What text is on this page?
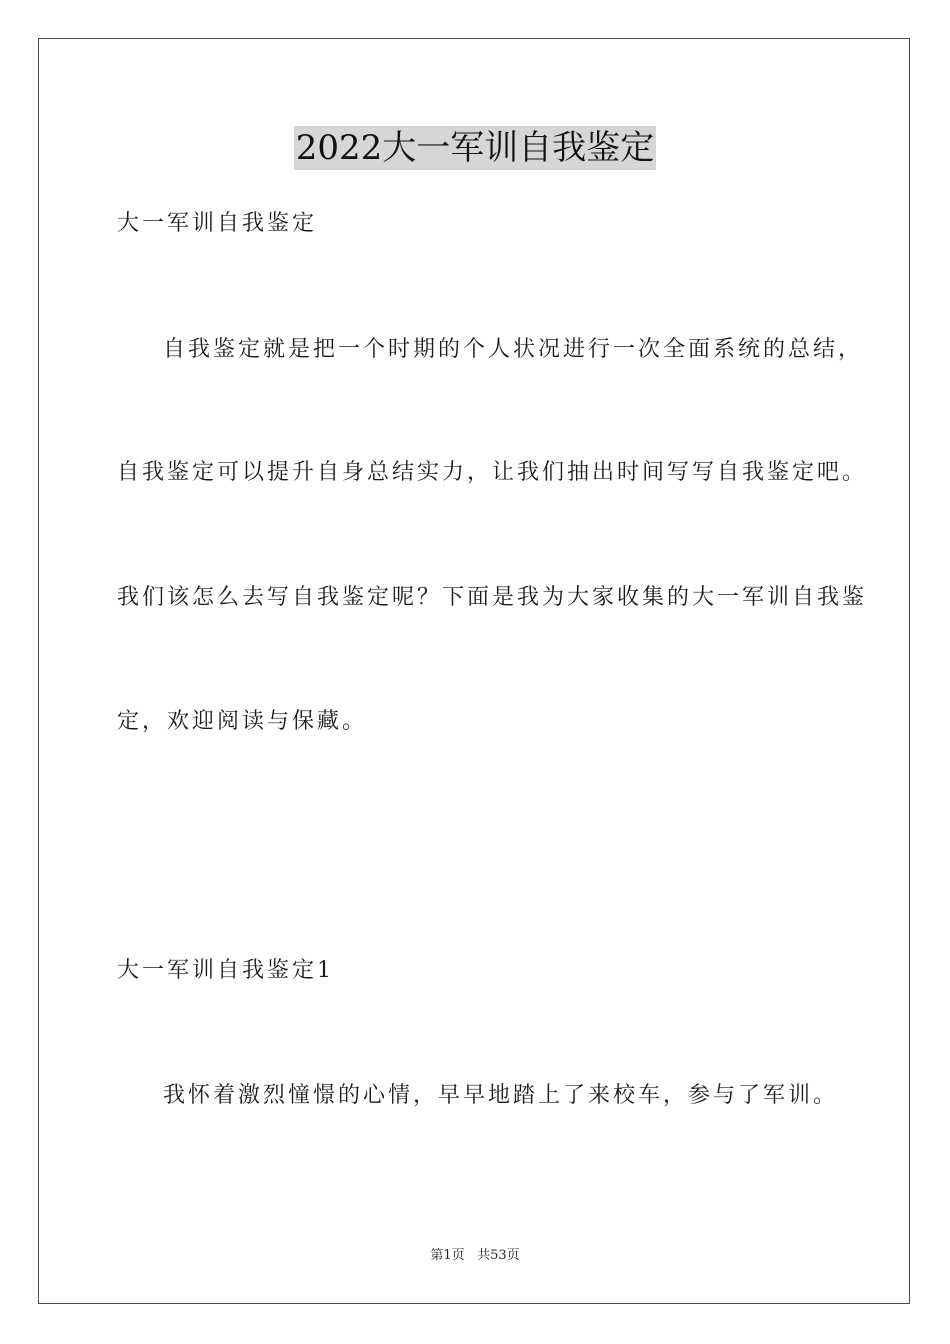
2022大一军训自我鉴定
大一军训自我鉴定
自我鉴定就是把一个时期的个人状况进行一次全面系统的总结，
自我鉴定可以提升自身总结实力，让我们抽出时间写写自我鉴定吧。
我们该怎么去写自我鉴定呢？下面是我为大家收集的大一军训自我鉴
定，欢迎阅读与保藏。
大一军训自我鉴定1
我怀着激烈憧憬的心情，早早地踏上了来校车，参与了军训。
第1页 共53页
